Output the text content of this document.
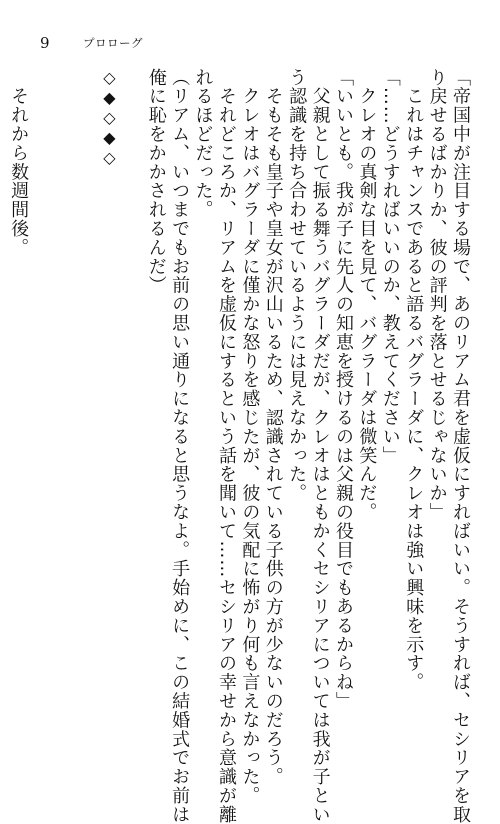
9	プロローグ

「帝国中が注目する場で、あのリアム君を虚仮にすればいい。そうすれば、セシリアを取

り戻せるばかりか、彼の評判を落とせるじゃないか」

　これはチャンスであると語るバグラーダに、クレオは強い興味を示す。

「……どうすればいいのか、教えてください」

　クレオの真剣な目を見て、バグラーダは微笑んだ。

「いいとも。我が子に先人の知恵を授けるのは父親の役目でもあるからね」

　父親として振る舞うバグラーダだが、クレオはともかくセシリアについては我が子とい

う認識を持ち合わせているようには見えなかった。

　そもそも皇子や皇女が沢山いるため、認識されている子供の方が少ないのだろう。

　クレオはバグラーダに僅かな怒りを感じたが、彼の気配に怖がり何も言えなかった。

　それどころか、リアムを虚仮にするという話を聞いて……セシリアの幸せから意識が離

れるほどだった。

（リアム、いつまでもお前の思い通りになると思うなよ。手始めに、この結婚式でお前は

俺に恥をかかされるんだ）

◇◆◇◆◇

　それから数週間後。
